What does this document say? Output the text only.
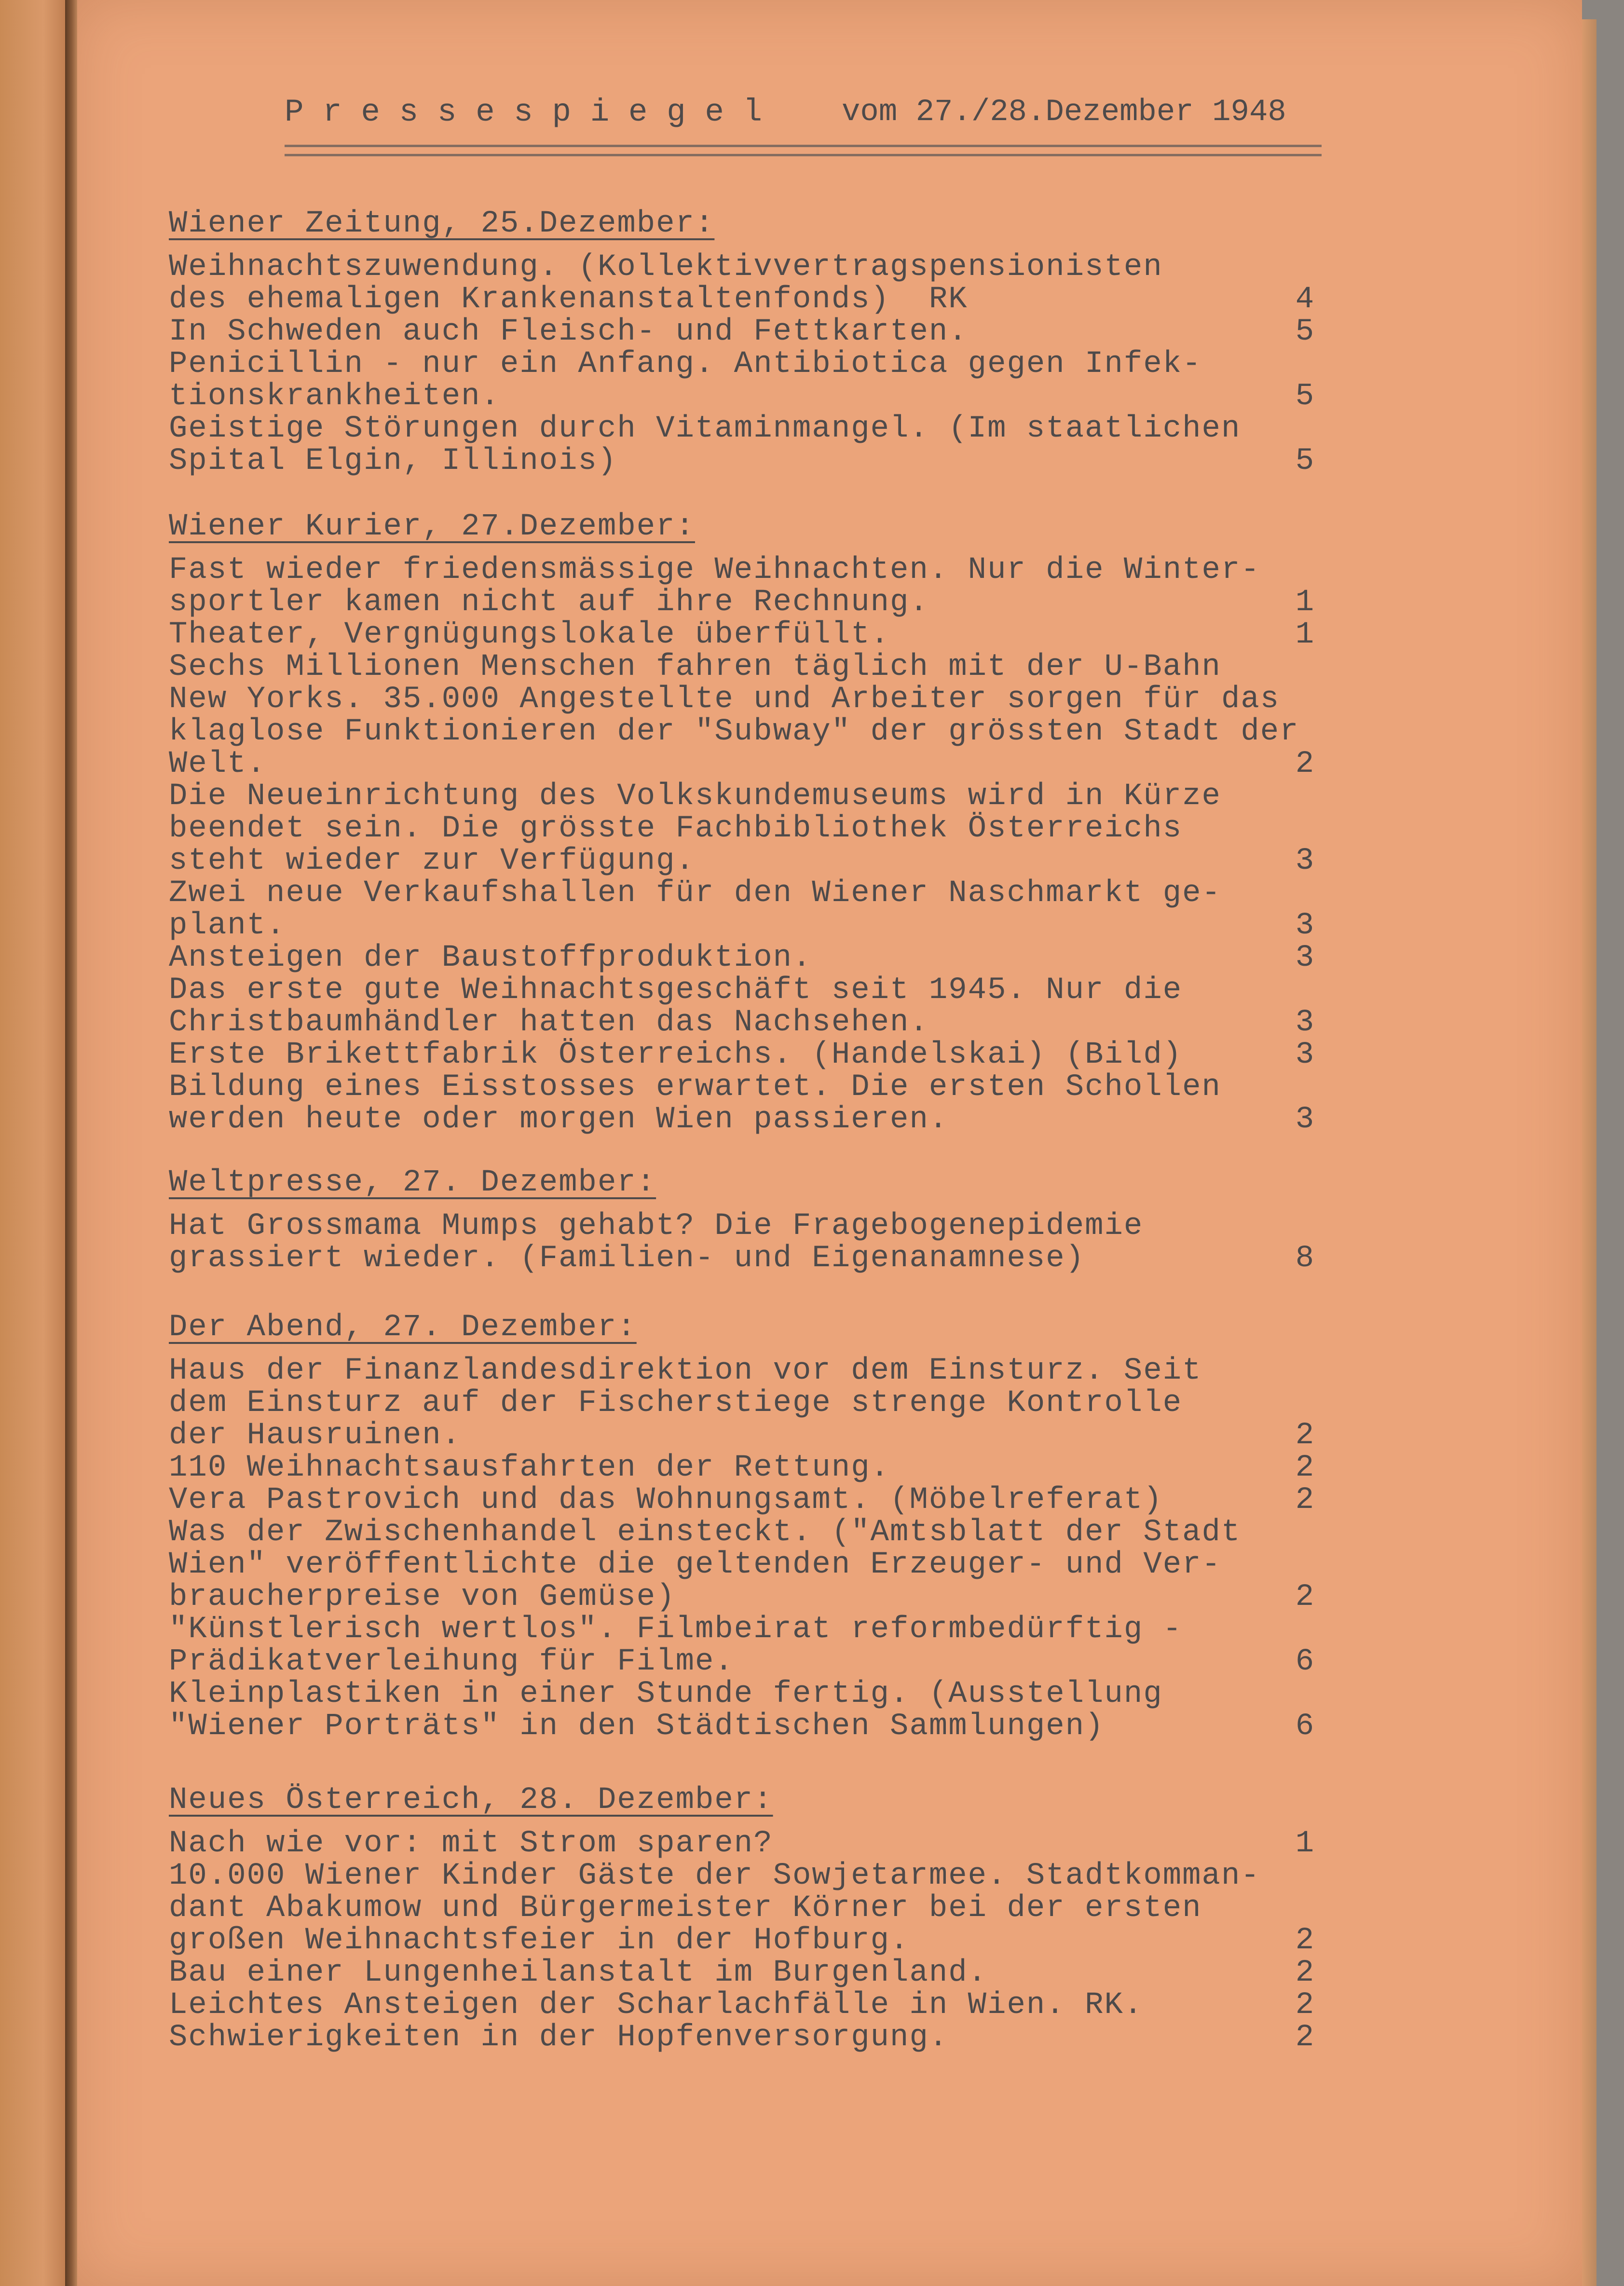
P r e s s e s p i e g e l	vom 27./28.Dezember 1948
Wiener Zeitung, 25.Dezember:
Weihnachtszuwendung. (Kollektivvertragspensionisten
des ehemaligen Krankenanstaltenfonds)  RK	4
In Schweden auch Fleisch- und Fettkarten.	5
Penicillin - nur ein Anfang. Antibiotica gegen Infek-
tionskrankheiten.	5
Geistige Störungen durch Vitaminmangel. (Im staatlichen
Spital Elgin, Illinois)	5
Wiener Kurier, 27.Dezember:
Fast wieder friedensmässige Weihnachten. Nur die Winter-
sportler kamen nicht auf ihre Rechnung.	1
Theater, Vergnügungslokale überfüllt.	1
Sechs Millionen Menschen fahren täglich mit der U-Bahn
New Yorks. 35.000 Angestellte und Arbeiter sorgen für das
klaglose Funktionieren der "Subway" der grössten Stadt der
Welt.	2
Die Neueinrichtung des Volkskundemuseums wird in Kürze
beendet sein. Die grösste Fachbibliothek Österreichs
steht wieder zur Verfügung.	3
Zwei neue Verkaufshallen für den Wiener Naschmarkt ge-
plant.	3
Ansteigen der Baustoffproduktion.	3
Das erste gute Weihnachtsgeschäft seit 1945. Nur die
Christbaumhändler hatten das Nachsehen.	3
Erste Brikettfabrik Österreichs. (Handelskai) (Bild)	3
Bildung eines Eisstosses erwartet. Die ersten Schollen
werden heute oder morgen Wien passieren.	3
Weltpresse, 27. Dezember:
Hat Grossmama Mumps gehabt? Die Fragebogenepidemie
grassiert wieder. (Familien- und Eigenanamnese)	8
Der Abend, 27. Dezember:
Haus der Finanzlandesdirektion vor dem Einsturz. Seit
dem Einsturz auf der Fischerstiege strenge Kontrolle
der Hausruinen.	2
110 Weihnachtsausfahrten der Rettung.	2
Vera Pastrovich und das Wohnungsamt. (Möbelreferat)	2
Was der Zwischenhandel einsteckt. ("Amtsblatt der Stadt
Wien" veröffentlichte die geltenden Erzeuger- und Ver-
braucherpreise von Gemüse)	2
"Künstlerisch wertlos". Filmbeirat reformbedürftig -
Prädikatverleihung für Filme.	6
Kleinplastiken in einer Stunde fertig. (Ausstellung
"Wiener Porträts" in den Städtischen Sammlungen)	6
Neues Österreich, 28. Dezember:
Nach wie vor: mit Strom sparen?	1
10.000 Wiener Kinder Gäste der Sowjetarmee. Stadtkomman-
dant Abakumow und Bürgermeister Körner bei der ersten
großen Weihnachtsfeier in der Hofburg.	2
Bau einer Lungenheilanstalt im Burgenland.	2
Leichtes Ansteigen der Scharlachfälle in Wien. RK.	2
Schwierigkeiten in der Hopfenversorgung.	2
